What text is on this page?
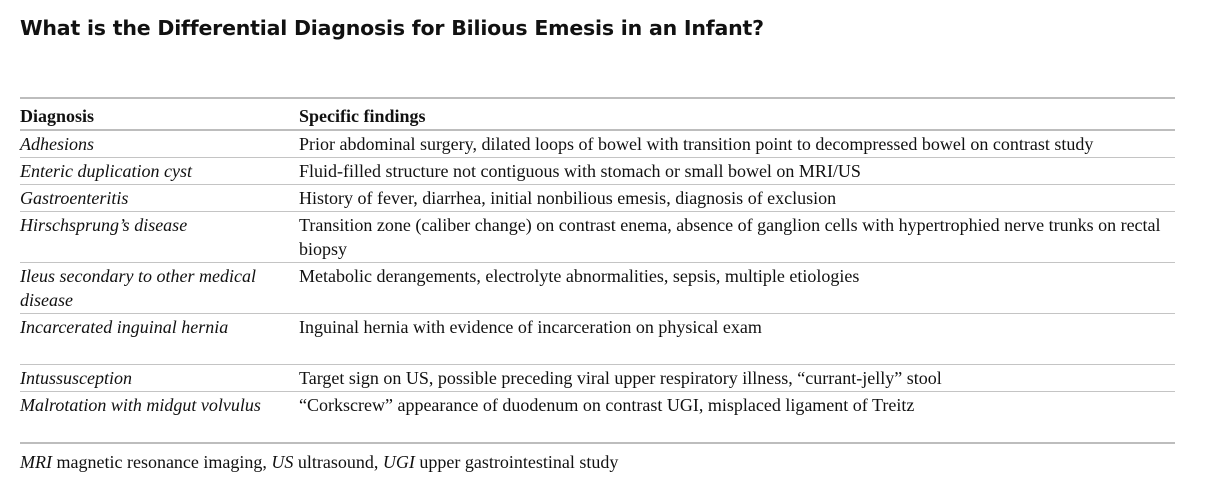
What is the Differential Diagnosis for Bilious Emesis in an Infant?
Diagnosis	Specific findings
Adhesions	Prior abdominal surgery, dilated loops of bowel with transition point to decompressed bowel on contrast study
Enteric duplication cyst	Fluid-filled structure not contiguous with stomach or small bowel on MRI/US
Gastroenteritis	History of fever, diarrhea, initial nonbilious emesis, diagnosis of exclusion
Hirschsprung’s disease	Transition zone (caliber change) on contrast enema, absence of ganglion cells with hypertrophied nerve trunks on rectal biopsy
Ileus secondary to other medical disease	Metabolic derangements, electrolyte abnormalities, sepsis, multiple etiologies
Incarcerated inguinal hernia	Inguinal hernia with evidence of incarceration on physical exam
Intussusception	Target sign on US, possible preceding viral upper respiratory illness, “currant-jelly” stool
Malrotation with midgut volvulus	“Corkscrew” appearance of duodenum on contrast UGI, misplaced ligament of Treitz
MRI magnetic resonance imaging, US ultrasound, UGI upper gastrointestinal study
